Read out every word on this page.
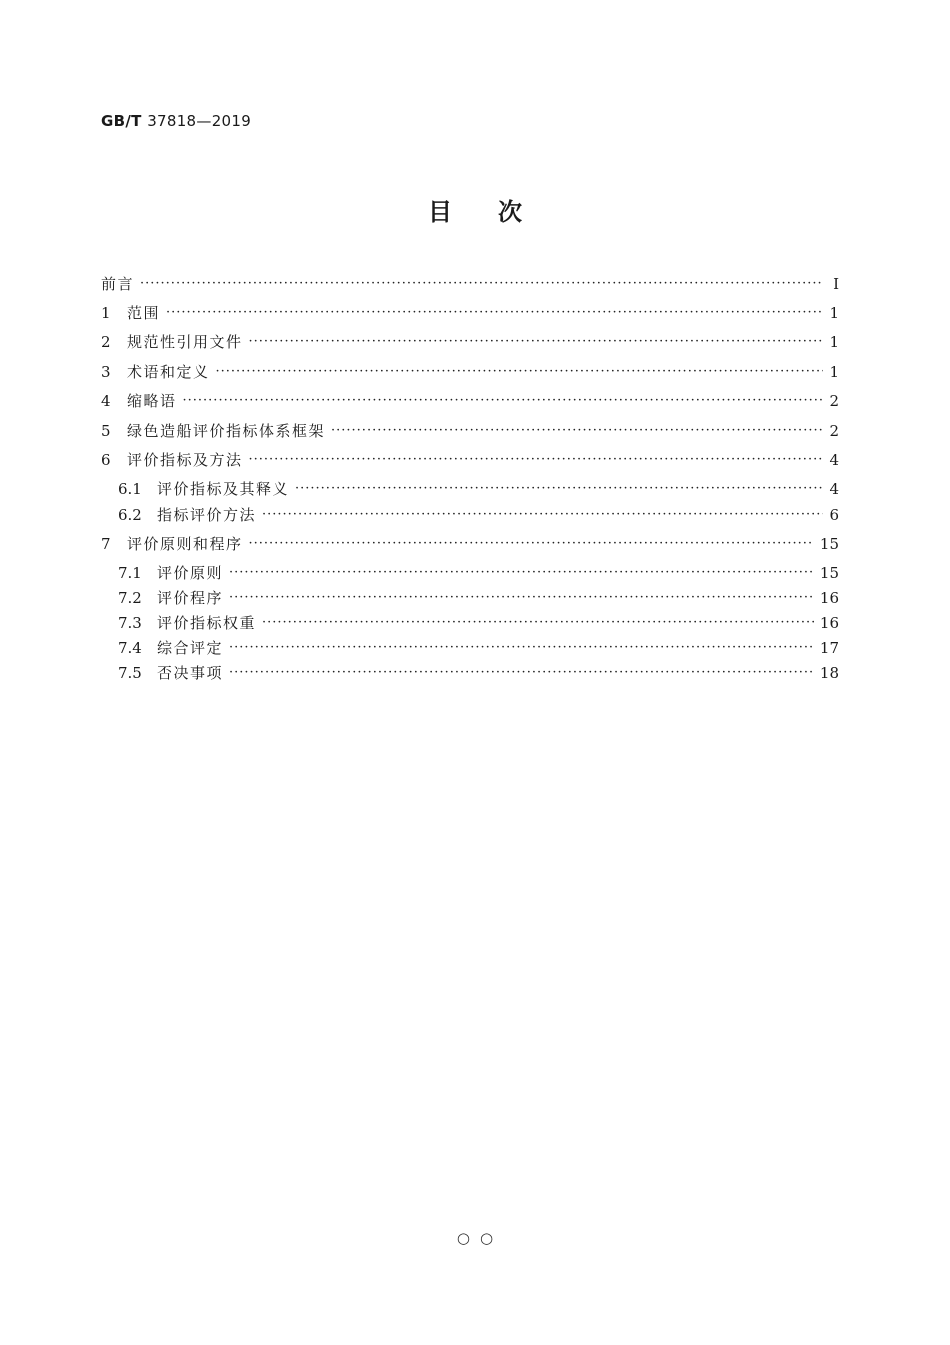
GB/T 37818—2019
目次
前言 ·····	Ⅰ
1	范围 ·····	1
2	规范性引用文件 ·····	1
3	术语和定义 ·····	1
4	缩略语 ·····	2
5	绿色造船评价指标体系框架 ·····	2
6	评价指标及方法 ·····	4
6.1	评价指标及其释义 ·····	4
6.2	指标评价方法 ·····	6
7	评价原则和程序 ·····	15
7.1	评价原则 ·····	15
7.2	评价程序 ·····	16
7.3	评价指标权重 ·····	16
7.4	综合评定 ·····	17
7.5	否决事项 ·····	18
○○
